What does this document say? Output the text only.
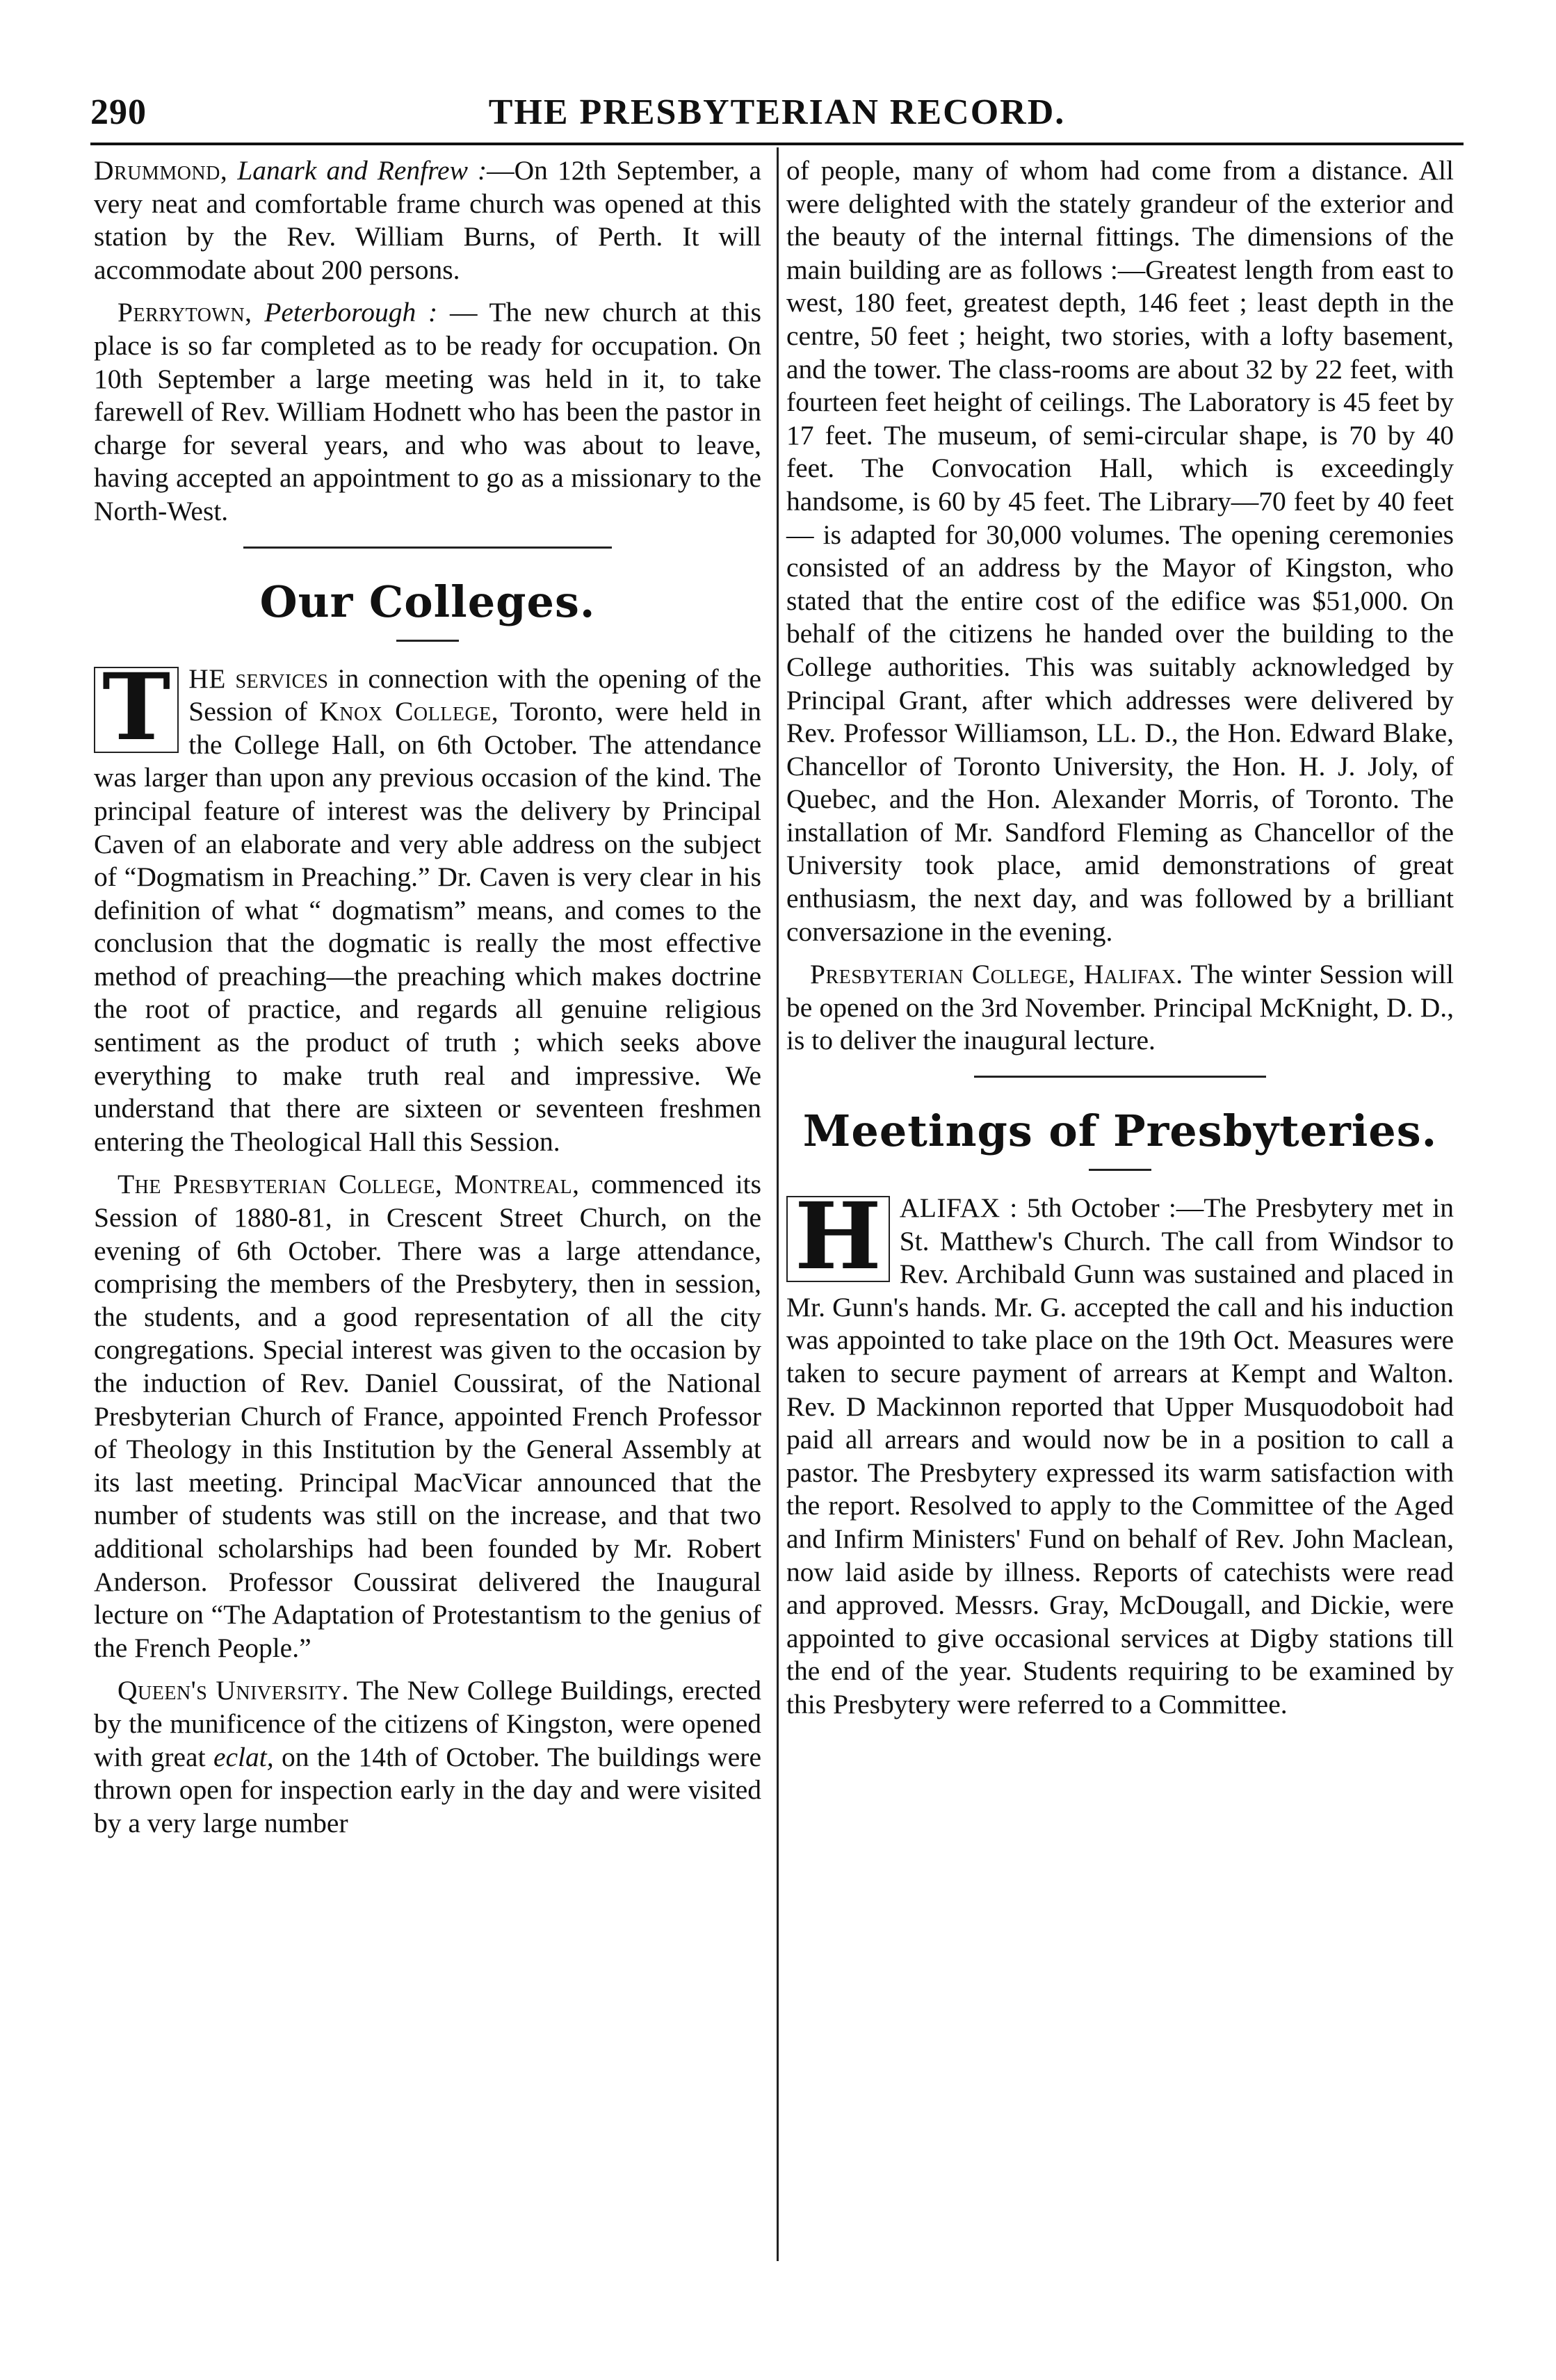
290	THE PRESBYTERIAN RECORD.

Drummond, Lanark and Renfrew :—On 12th September, a very neat and comfortable frame church was opened at this station by the Rev. William Burns, of Perth. It will accommodate about 200 persons.

Perrytown, Peterborough : — The new church at this place is so far completed as to be ready for occupation. On 10th September a large meeting was held in it, to take farewell of Rev. William Hodnett who has been the pastor in charge for several years, and who was about to leave, having accepted an appointment to go as a missionary to the North-West.

Our Colleges.

T HE services in connection with the opening of the Session of Knox College, Toronto, were held in the College Hall, on 6th October. The attendance was larger than upon any previous occasion of the kind. The principal feature of interest was the delivery by Principal Caven of an elaborate and very able address on the subject of “Dogmatism in Preaching.” Dr. Caven is very clear in his definition of what “ dogmatism” means, and comes to the conclusion that the dogmatic is really the most effective method of preaching—the preaching which makes doctrine the root of practice, and regards all genuine religious sentiment as the product of truth ; which seeks above everything to make truth real and impressive. We understand that there are sixteen or seventeen freshmen entering the Theological Hall this Session.

The Presbyterian College, Montreal, commenced its Session of 1880-81, in Crescent Street Church, on the evening of 6th October. There was a large attendance, comprising the members of the Presbytery, then in session, the students, and a good representation of all the city congregations. Special interest was given to the occasion by the induction of Rev. Daniel Coussirat, of the National Presbyterian Church of France, appointed French Professor of Theology in this Institution by the General Assembly at its last meeting. Principal MacVicar announced that the number of students was still on the increase, and that two additional scholarships had been founded by Mr. Robert Anderson. Professor Coussirat delivered the Inaugural lecture on “The Adaptation of Protestantism to the genius of the French People.”

Queen's University. The New College Buildings, erected by the munificence of the citizens of Kingston, were opened with great eclat, on the 14th of October. The buildings were thrown open for inspection early in the day and were visited by a very large number

of people, many of whom had come from a distance. All were delighted with the stately grandeur of the exterior and the beauty of the internal fittings. The dimensions of the main building are as follows :—Greatest length from east to west, 180 feet, greatest depth, 146 feet ; least depth in the centre, 50 feet ; height, two stories, with a lofty basement, and the tower. The class-rooms are about 32 by 22 feet, with fourteen feet height of ceilings. The Laboratory is 45 feet by 17 feet. The museum, of semi-circular shape, is 70 by 40 feet. The Convocation Hall, which is exceedingly handsome, is 60 by 45 feet. The Library—70 feet by 40 feet— is adapted for 30,000 volumes. The opening ceremonies consisted of an address by the Mayor of Kingston, who stated that the entire cost of the edifice was $51,000. On behalf of the citizens he handed over the building to the College authorities. This was suitably acknowledged by Principal Grant, after which addresses were delivered by Rev. Professor Williamson, LL. D., the Hon. Edward Blake, Chancellor of Toronto University, the Hon. H. J. Joly, of Quebec, and the Hon. Alexander Morris, of Toronto. The installation of Mr. Sandford Fleming as Chancellor of the University took place, amid demonstrations of great enthusiasm, the next day, and was followed by a brilliant conversazione in the evening.

Presbyterian College, Halifax. The winter Session will be opened on the 3rd November. Principal McKnight, D. D., is to deliver the inaugural lecture.

Meetings of Presbyteries.

H ALIFAX : 5th October :—The Presbytery met in St. Matthew's Church. The call from Windsor to Rev. Archibald Gunn was sustained and placed in Mr. Gunn's hands. Mr. G. accepted the call and his induction was appointed to take place on the 19th Oct. Measures were taken to secure payment of arrears at Kempt and Walton. Rev. D Mackinnon reported that Upper Musquodoboit had paid all arrears and would now be in a position to call a pastor. The Presbytery expressed its warm satisfaction with the report. Resolved to apply to the Committee of the Aged and Infirm Ministers' Fund on behalf of Rev. John Maclean, now laid aside by illness. Reports of catechists were read and approved. Messrs. Gray, McDougall, and Dickie, were appointed to give occasional services at Digby stations till the end of the year. Students requiring to be examined by this Presbytery were referred to a Committee.
